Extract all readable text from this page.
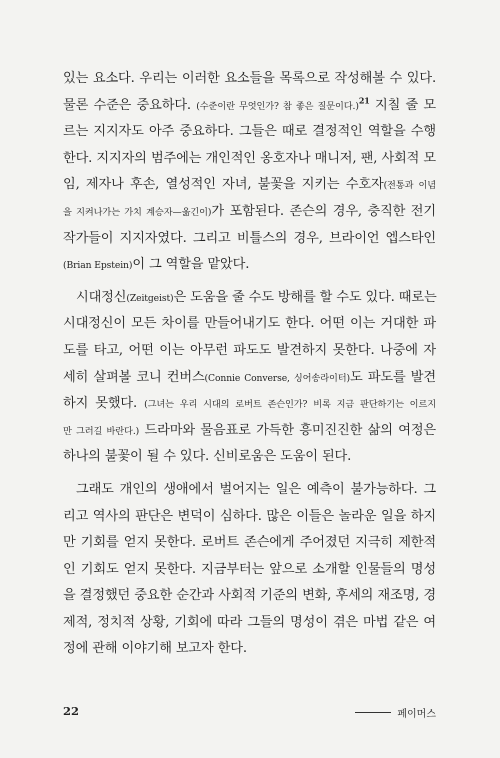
있는 요소다. 우리는 이러한 요소들을 목록으로 작성해볼 수 있다.
물론 수준은 중요하다. (수준이란 무엇인가? 참 좋은 질문이다.)$^{21}$ 지칠 줄 모
르는 지지자도 아주 중요하다. 그들은 때로 결정적인 역할을 수행
한다. 지지자의 범주에는 개인적인 옹호자나 매니저, 팬, 사회적 모
임, 제자나 후손, 열성적인 자녀, 불꽃을 지키는 수호자(전통과 이념
을 지켜나가는 가치 계승자—옮긴이)가 포함된다. 존슨의 경우, 충직한 전기
작가들이 지지자였다. 그리고 비틀스의 경우, 브라이언 엡스타인
(Brian Epstein)이 그 역할을 맡았다.
시대정신(Zeitgeist)은 도움을 줄 수도 방해를 할 수도 있다. 때로는
시대정신이 모든 차이를 만들어내기도 한다. 어떤 이는 거대한 파
도를 타고, 어떤 이는 아무런 파도도 발견하지 못한다. 나중에 자
세히 살펴볼 코니 컨버스(Connie Converse, 싱어송라이터)도 파도를 발견
하지 못했다. (그녀는 우리 시대의 로버트 존슨인가? 비록 지금 판단하기는 이르지
만 그러길 바란다.) 드라마와 물음표로 가득한 흥미진진한 삶의 여정은
하나의 불꽃이 될 수 있다. 신비로움은 도움이 된다.
그래도 개인의 생애에서 벌어지는 일은 예측이 불가능하다. 그
리고 역사의 판단은 변덕이 심하다. 많은 이들은 놀라운 일을 하지
만 기회를 얻지 못한다. 로버트 존슨에게 주어졌던 지극히 제한적
인 기회도 얻지 못한다. 지금부터는 앞으로 소개할 인물들의 명성
을 결정했던 중요한 순간과 사회적 기준의 변화, 후세의 재조명, 경
제적, 정치적 상황, 기회에 따라 그들의 명성이 겪은 마법 같은 여
정에 관해 이야기해 보고자 한다.
22	페이머스
